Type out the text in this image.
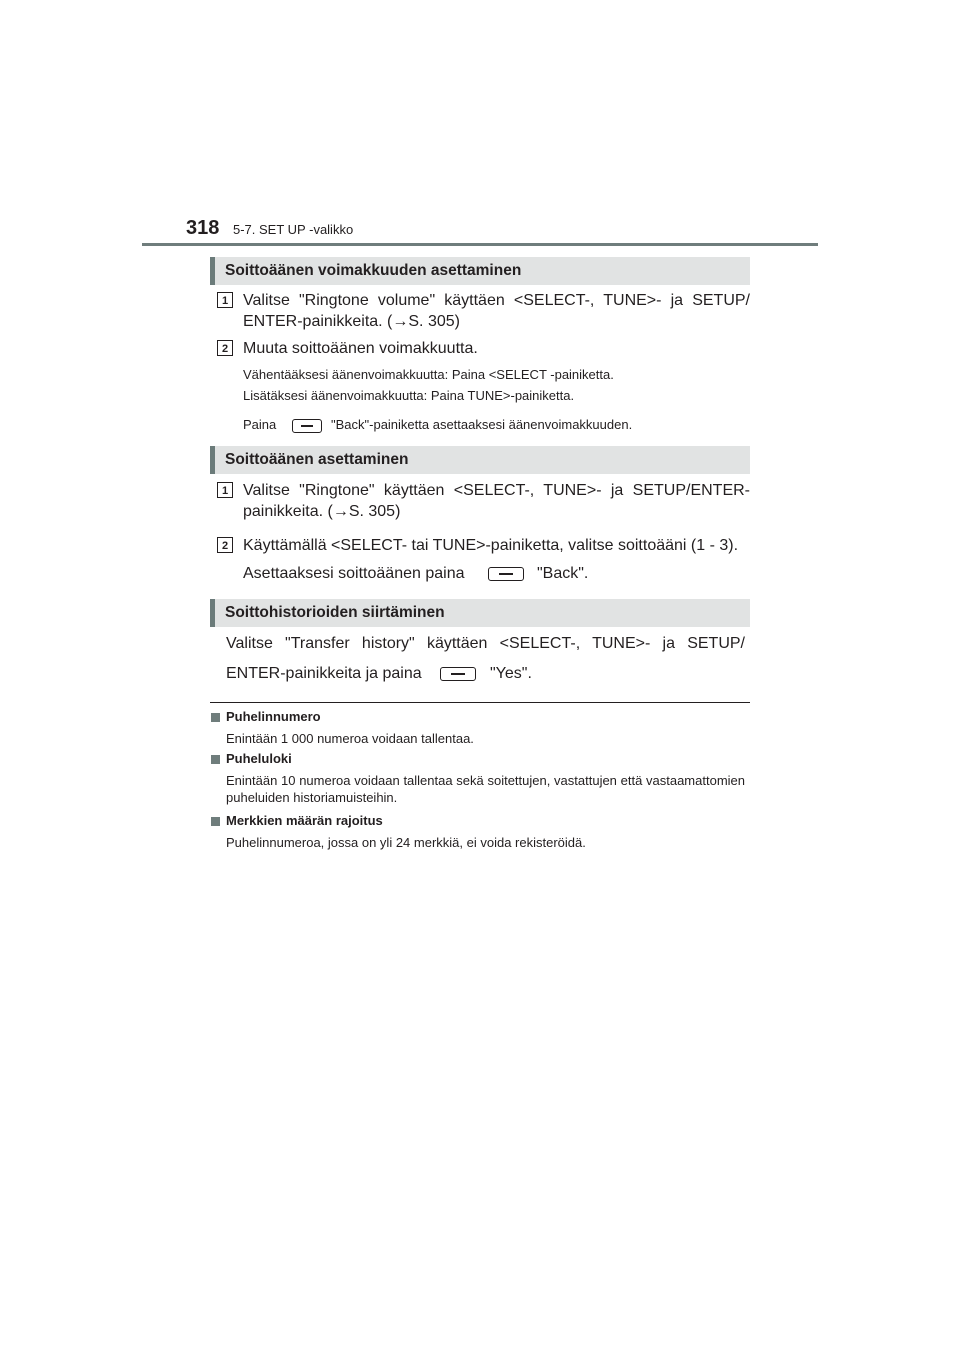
318 5-7. SET UP -valikko
Soittoäänen voimakkuuden asettaminen
1 Valitse "Ringtone volume" käyttäen <SELECT-, TUNE>- ja SETUP/
ENTER-painikkeita. (→S. 305)
2 Muuta soittoäänen voimakkuutta.
Vähentääksesi äänenvoimakkuutta: Paina <SELECT -painiketta.
Lisätäksesi äänenvoimakkuutta: Paina TUNE>-painiketta.
Paina	"Back"-painiketta asettaaksesi äänenvoimakkuuden.
Soittoäänen asettaminen
1 Valitse "Ringtone" käyttäen <SELECT-, TUNE>- ja SETUP/ENTER-
painikkeita. (→S. 305)
2 Käyttämällä <SELECT- tai TUNE>-painiketta, valitse soittoääni (1 - 3).
Asettaaksesi soittoäänen paina	"Back".
Soittohistorioiden siirtäminen
Valitse "Transfer history" käyttäen <SELECT-, TUNE>- ja SETUP/
ENTER-painikkeita ja paina	"Yes".
Puhelinnumero
Enintään 1 000 numeroa voidaan tallentaa.
Puheluloki
Enintään 10 numeroa voidaan tallentaa sekä soitettujen, vastattujen että vastaamattomien puheluiden historiamuisteihin.
Merkkien määrän rajoitus
Puhelinnumeroa, jossa on yli 24 merkkiä, ei voida rekisteröidä.
